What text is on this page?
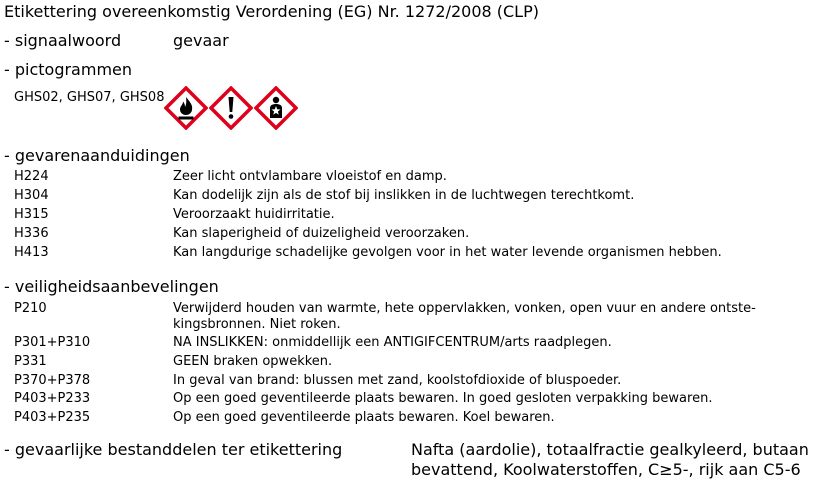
Etikettering overeenkomstig Verordening (EG) Nr. 1272/2008 (CLP)
- signaalwoord	gevaar
- pictogrammen
GHS02, GHS07, GHS08
- gevarenaanduidingen
H224	Zeer licht ontvlambare vloeistof en damp.
H304	Kan dodelijk zijn als de stof bij inslikken in de luchtwegen terechtkomt.
H315	Veroorzaakt huidirritatie.
H336	Kan slaperigheid of duizeligheid veroorzaken.
H413	Kan langdurige schadelijke gevolgen voor in het water levende organismen hebben.
- veiligheidsaanbevelingen
P210	Verwijderd houden van warmte, hete oppervlakken, vonken, open vuur en andere ontste-
kingsbronnen. Niet roken.
P301+P310	NA INSLIKKEN: onmiddellijk een ANTIGIFCENTRUM/arts raadplegen.
P331	GEEN braken opwekken.
P370+P378	In geval van brand: blussen met zand, koolstofdioxide of bluspoeder.
P403+P233	Op een goed geventileerde plaats bewaren. In goed gesloten verpakking bewaren.
P403+P235	Op een goed geventileerde plaats bewaren. Koel bewaren.
- gevaarlijke bestanddelen ter etikettering	Nafta (aardolie), totaalfractie gealkyleerd, butaan
bevattend, Koolwaterstoffen, C≥5-, rijk aan C5-6
